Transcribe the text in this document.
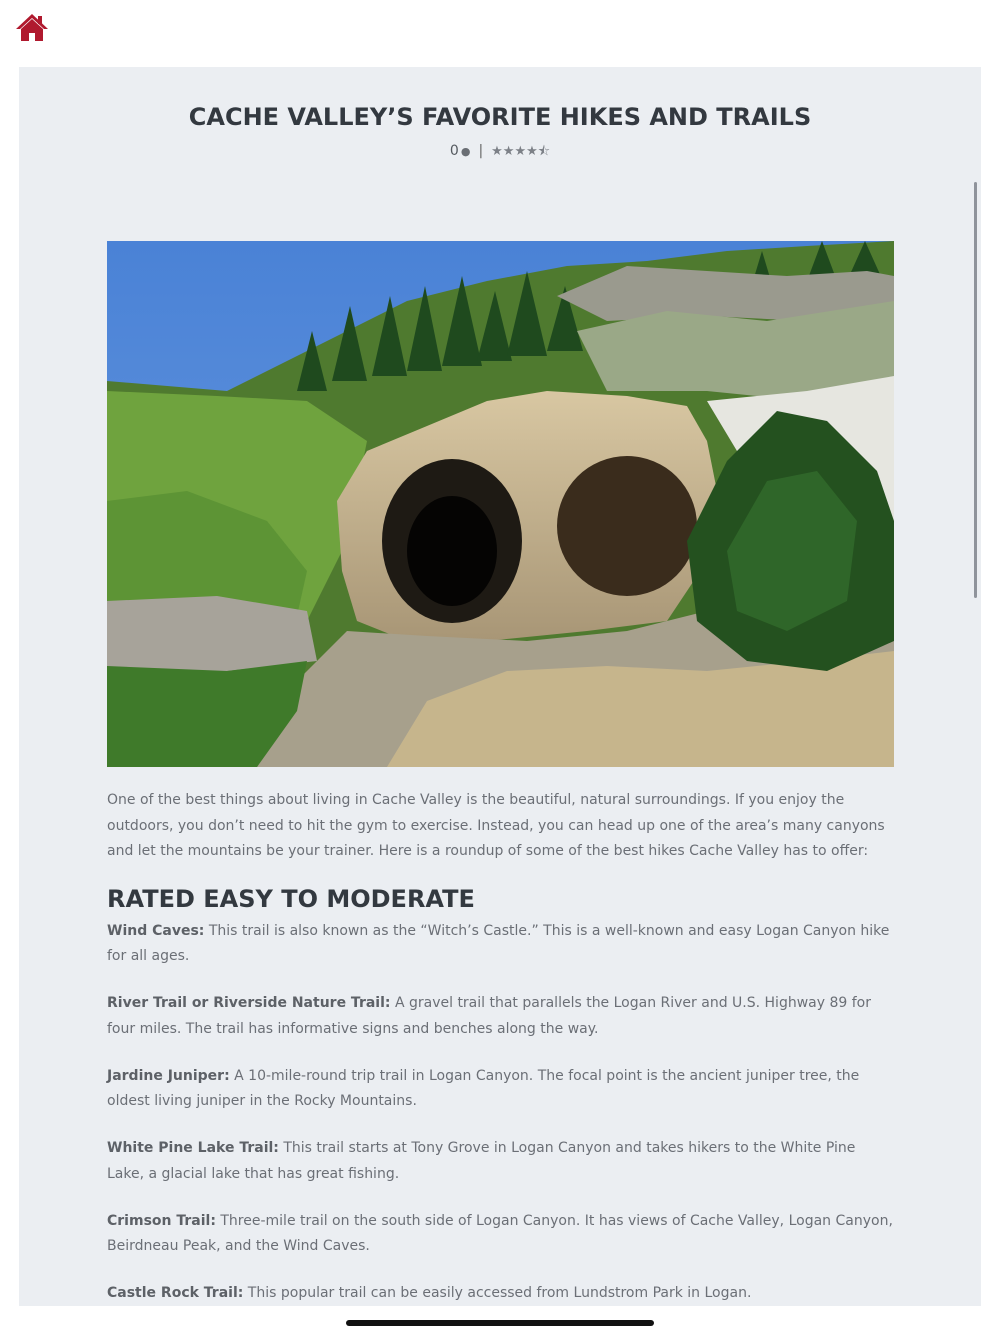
CACHE VALLEY’S FAVORITE HIKES AND TRAILS
0 ● | ★★★★⯪

One of the best things about living in Cache Valley is the beautiful, natural surroundings. If you enjoy the outdoors, you don’t need to hit the gym to exercise. Instead, you can head up one of the area’s many canyons and let the mountains be your trainer. Here is a roundup of some of the best hikes Cache Valley has to offer:

RATED EASY TO MODERATE

Wind Caves: This trail is also known as the “Witch’s Castle.” This is a well-known and easy Logan Canyon hike for all ages.

River Trail or Riverside Nature Trail: A gravel trail that parallels the Logan River and U.S. Highway 89 for four miles. The trail has informative signs and benches along the way.

Jardine Juniper: A 10-mile-round trip trail in Logan Canyon. The focal point is the ancient juniper tree, the oldest living juniper in the Rocky Mountains.

White Pine Lake Trail: This trail starts at Tony Grove in Logan Canyon and takes hikers to the White Pine Lake, a glacial lake that has great fishing.

Crimson Trail: Three-mile trail on the south side of Logan Canyon. It has views of Cache Valley, Logan Canyon, Beirdneau Peak, and the Wind Caves.

Castle Rock Trail: This popular trail can be easily accessed from Lundstrom Park in Logan.
